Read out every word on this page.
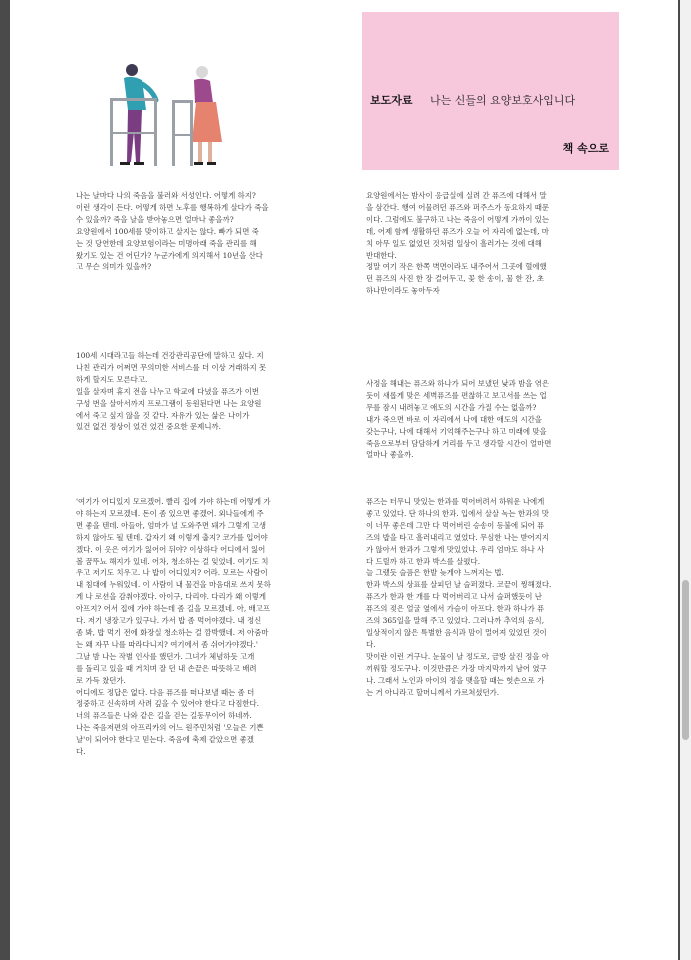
보도자료 나는 신들의 요양보호사입니다
책 속으로

나는 날마다 나의 죽음을 불러와 서성인다. 어떻게 하지?
이런 생각이 든다. 어떻게 하면 노후를 행복하게 살다가 죽을
수 있을까? 죽을 날을 받아놓으면 얼마나 좋을까?
요양원에서 100세를 맞이하고 살지는 않다. 빠가 되면 죽
는 것 당연한데 요양보험이라는 미명아래 죽을 관리를 해
왔기도 있는 건 어딘가? 누군가에게 의지해서 10년을 산다
고 무슨 의미가 있을까?

100세 시대라고들 하는데 건강관리공단에 말하고 싶다. 지
나친 관리가 어쩌면 무의미한 서비스를 더 이상 거래하지 못
하게 할지도 모른다고.
일을 살자며 휴지 전을 나누고 학교에 다녔을 퓨즈가 이번
구성 번을 살아서까지 프로그램이 동원된다면 나는 요양원
에서 죽고 싶지 않을 것 같다. 자유가 있는 삶은 나이가
있건 없건 정상이 었건 었건 중요한 문제니까.

'여기가 어디있지 모르겠어. 빨리 집에 가야 하는데 어떻게 가
야 하는지 모르겠네. 돈이 좀 있으면 좋겠어. 외나들에게 주
면 좋을 텐데. 아들아, 엄마가 널 도와주면 돼가 그렇게 고생
하지 않아도 될 텐데. 갑자기 왜 이렇게 춥지? 코가를 입어야
겠다. 이 옷은 여기가 잃어어 뒤야? 이상하다 어디에서 잃어
볼 꿈뚜뇨 해지가 있네. 어차, 청소하는 걸 잊었네. 여기도 치
우고 저기도 치우고. 나 밥이 어디있지? 어라. 모르는 사람이
내 침대에 누워있네. 이 사람이 내 물건을 마음대로 쓰지 못하
게 나 로션을 감춰야겠다. 아이구, 다리야. 다리가 왜 이렇게
아프지? 어서 집에 가야 하는데 좀 길을 모르겠네. 아, 배고프
다. 저기 냉장고가 있구나. 가서 밥 좀 먹어야겠다. 내 정신
좀 봐, 밥 먹기 전에 화장실 청소하는 걸 깜박했네. 저 아줌마
는 왜 자꾸 나를 따라다니지? 여기에서 좀 쉬어가야겠다.'
그날 밤 나는 작별 인사를 했던가. 그녀가 체념하듯 고개
를 돌리고 있을 때 거치며 잘 던 내 손끝은 따뜻하고 배려
로 가득 찼던가.
어디에도 정답은 없다. 다음 퓨즈를 떠나보낼 때는 좀 더
정중하고 신속하며 사려 깊을 수 있어야 한다고 다짐한다.
너의 퓨즈들은 나와 같은 길을 걷는 길동무이어 하네까.
나는 죽음저편의 아프리카의 어느 원주민처럼 '오늘은 기쁜
날'이 되어야 한다고 믿는다. 죽음에 축제 같았으면 좋겠
다.

요양원에서는 밤사이 응급실에 실려 간 퓨즈에 대해서 말
을 삼간다. 행여 어물려던 퓨즈와 퍼주스가 동요하지 때문
이다. 그럼에도 불구하고 나는 죽음이 어떻게 가까이 있는
데, 어제 함께 생활하던 퓨즈가 오늘 어 자리에 없는데, 마
치 아무 일도 없었던 것처럼 일상이 흘러가는 것에 대해
반대한다.
정말 여기 작은 한쪽 벽면이라도 내주어서 그곳에 혈에했
던 퓨즈의 사진 한 장 걸어두고, 꽃 한 송이, 물 한 잔, 초
하나만이라도 놓아두자

사정을 해내는 퓨즈와 하나가 되어 보냈던 낮과 밤을 엮은
듯이 새롭게 맞은 세벽퓨즈를 편찮하고 보고서를 쓰는 업
무를 잠시 내려놓고 애도의 시간을 가질 수는 없을까?
내가 죽으면 바로 이 자리에서 나에 대한 애도의 시간을
갖는구나, 나에 대해서 기억해주는구나 하고 미래에 맞을
죽음으로부터 담담하게 거리를 두고 생각할 시간이 얼마면
얼마나 좋을까.

퓨즈는 터무니 맛있는 한과를 먹어버려서 하워운 나에게
좋고 있었다. 단 하나의 한과. 입에서 살살 녹는 한과의 맛
이 너무 좋은데 그만 다 먹어버린 승송이 등불에 되어 퓨
즈의 밥을 타고 흘러내리고 였었다. 무심한 나는 받어지지
가 않아서 한과가 그렇게 맛있었냐. 우리 엄마도 하나 사
다 드릴까 하고 한과 박스를 살폈다.
늘 그랬듯 슬픔은 한발 늦게야 느껴지는 법.
한과 박스의 상표를 살피던 날 슬퍼졌다. 코끝이 찡해졌다.
퓨즈가 한과 한 개를 다 먹어버리고 나서 슬퍼했듯이 난
퓨즈의 젖은 얼굴 옆에서 가슴이 아프다. 한과 하나가 퓨
즈의 365일을 말해 주고 있었다. 그러나까 추억의 음식,
일상적이지 않은 특별한 음식과 맘이 멀어져 있었던 것이
다.
맛이란 이런 거구나. 눈물이 날 정도로, 금방 살진 정을 아
끼워할 정도구나. 이것만큼은 가장 마지막까지 남어 였구
나. 그래서 노인과 아이의 정을 맺을할 때는 헛손으로 가
는 거 아니라고 할머니께서 가르쳐셨던가.
